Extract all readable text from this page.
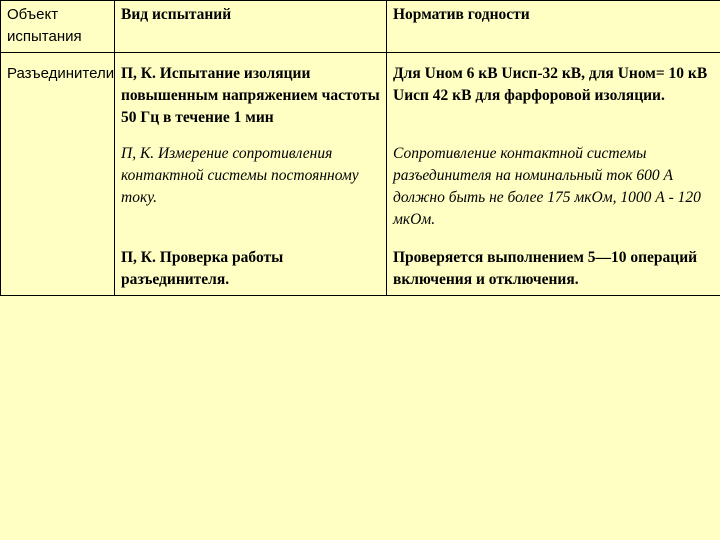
Объект испытания	Вид испытаний	Норматив годности
Разъединители	П, К. Испытание изоляции повышенным напряжением частоты 50 Гц в течение 1 мин	Для Uном 6 кВ Uисп-32 кВ, для Uном= 10 кВ Uисп 42 кВ для фарфоровой изоляции.
	П, К. Измерение сопротивления контактной системы постоянному току.	Сопротивление контактной системы разъединителя на номинальный ток 600 А должно быть не более 175 мкОм, 1000 А - 120 мкОм.
	П, К. Проверка работы разъединителя.	Проверяется выполнением 5—10 операций включения и отключения.
